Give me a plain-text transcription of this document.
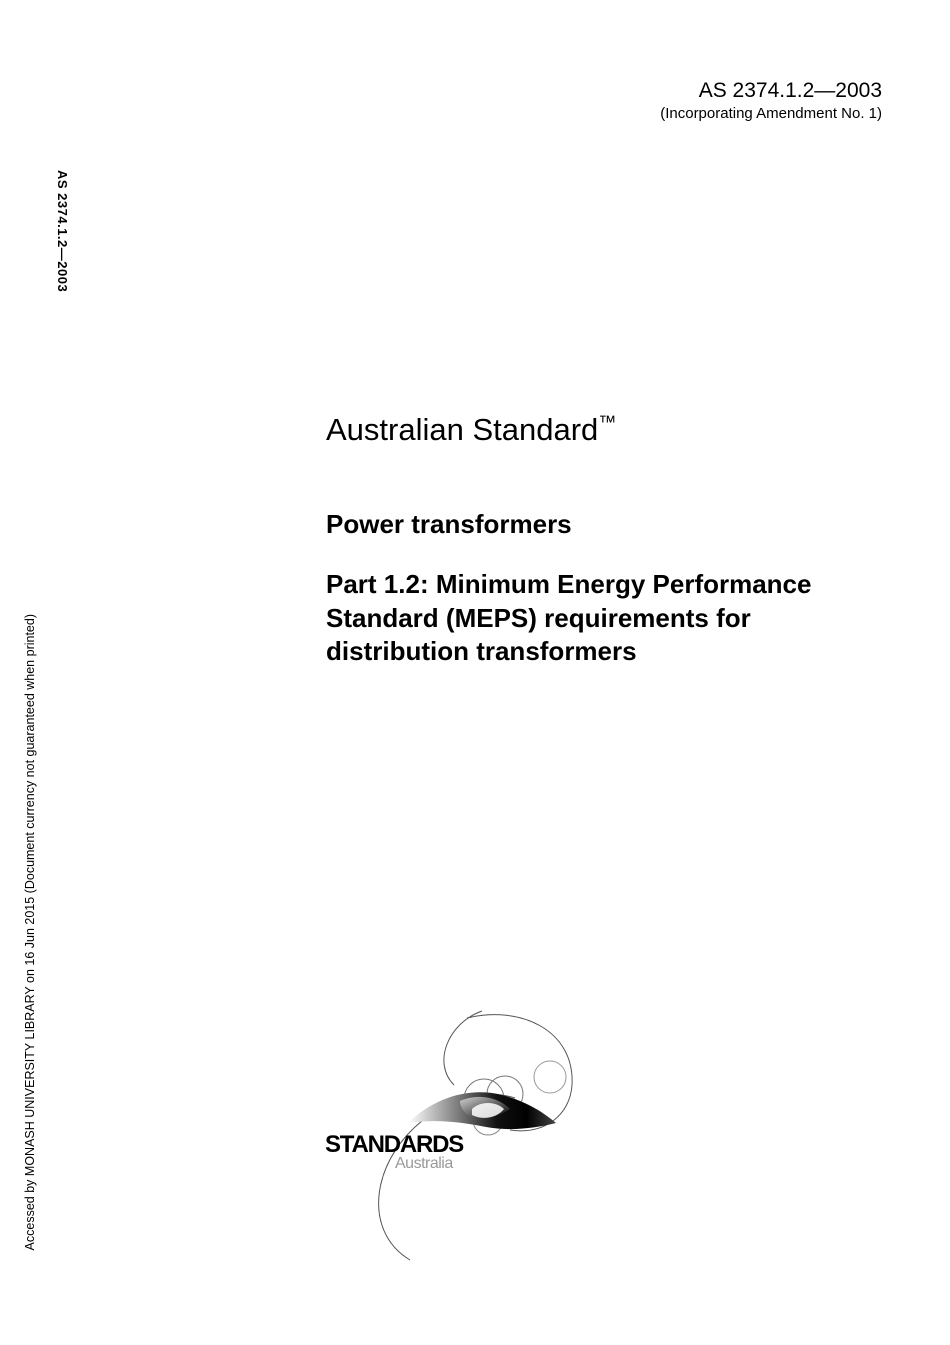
AS 2374.1.2—2003
(Incorporating Amendment No. 1)
AS 2374.1.2—2003
Accessed by MONASH UNIVERSITY LIBRARY on 16 Jun 2015 (Document currency not guaranteed when printed)
Australian Standard™
Power transformers
Part 1.2: Minimum Energy Performance
Standard (MEPS) requirements for
distribution transformers
STANDARDS
Australia
